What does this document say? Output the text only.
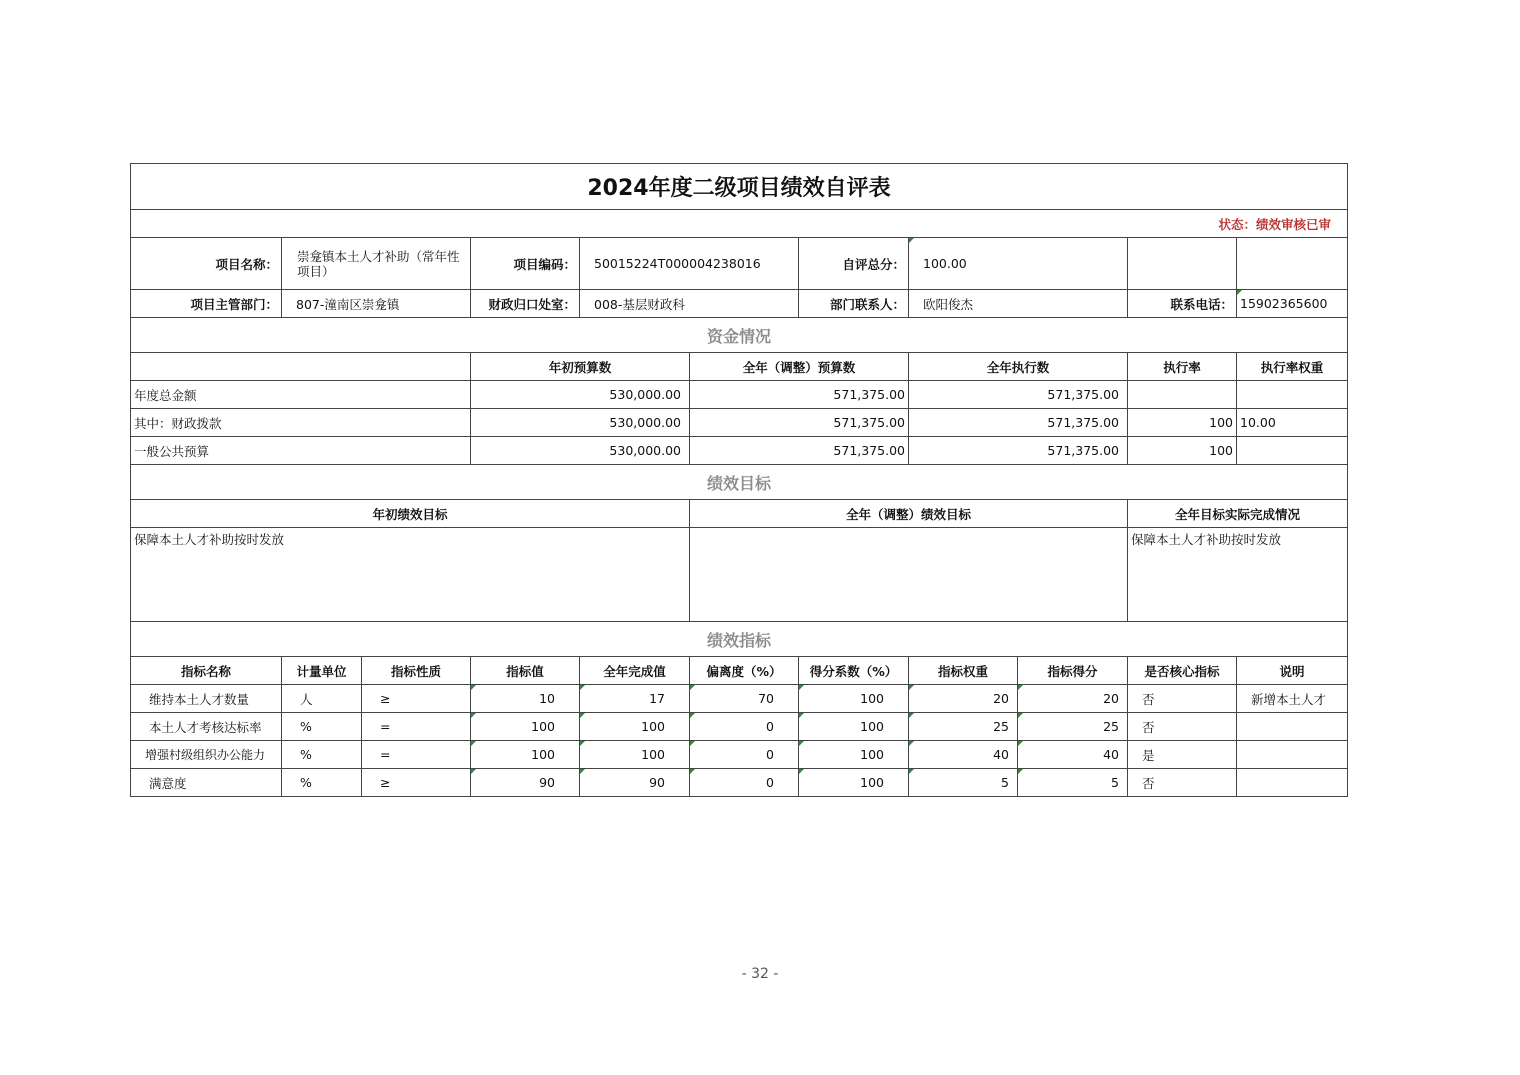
2024年度二级项目绩效自评表											
状态：绩效审核已审											
项目名称：	崇龛镇本土人才补助（常年性项目）		项目编码：	50015224T000004238016		自评总分：	100.00				
项目主管部门：	807-潼南区崇龛镇		财政归口处室：	008-基层财政科		部门联系人：	欧阳俊杰		联系电话：	15902365600	
资金情况											
			年初预算数		全年（调整）预算数		全年执行数		执行率	执行率权重	
年度总金额			530,000.00		571,375.00		571,375.00				
其中：财政拨款			530,000.00		571,375.00		571,375.00		100	10.00	
一般公共预算			530,000.00		571,375.00		571,375.00		100		
绩效目标											
年初绩效目标					全年（调整）绩效目标				全年目标实际完成情况		
保障本土人才补助按时发放									保障本土人才补助按时发放		
绩效指标											
指标名称	计量单位	指标性质	指标值	全年完成值	偏离度（%）	得分系数（%）	指标权重	指标得分	是否核心指标	说明	
维持本土人才数量	人	≥	10	17	70	100	20	20	否	新增本土人才	
本土人才考核达标率	%	=	100	100	0	100	25	25	否		
增强村级组织办公能力	%	=	100	100	0	100	40	40	是		
满意度	%	≥	90	90	0	100	5	5	否		
- 32 -
